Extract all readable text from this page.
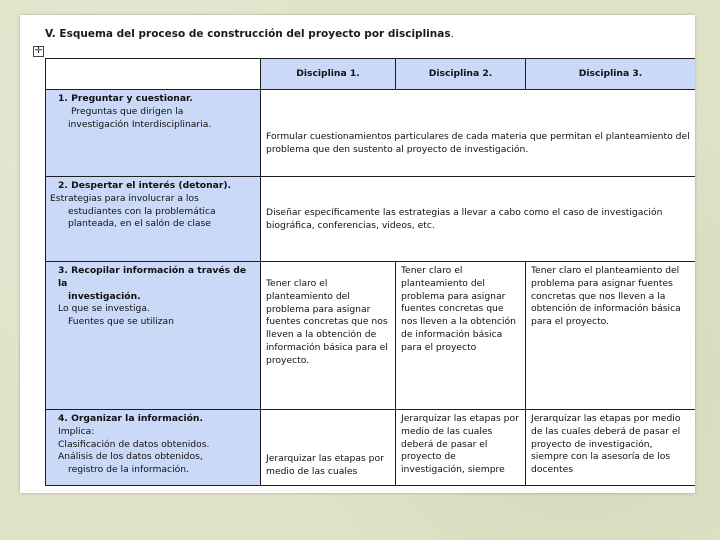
V. Esquema del proceso de construcción del proyecto por disciplinas.
✛
	Disciplina 1.	Disciplina 2.	Disciplina 3.

1. Preguntar y cuestionar.
Preguntas que dirigen la
investigación Interdisciplinaria.	Formular cuestionamientos particulares de cada materia que permitan el planteamiento del problema que den sustento al proyecto de investigación.		

2. Despertar el interés (detonar).
Estrategias para involucrar a los
estudiantes con la problemática
planteada, en el salón de clase	Diseñar específicamente las estrategias a llevar a cabo como el caso de investigación biográfica, conferencias, videos, etc.		

3. Recopilar información a través de la
investigación.
Lo que se investiga.
Fuentes que se utilizan	Tener claro el planteamiento del problema para asignar fuentes concretas que nos lleven a la obtención de información básica para el proyecto.	Tener claro el planteamiento del problema para asignar fuentes concretas que nos lleven a la obtención de información básica para el proyecto	Tener claro el planteamiento del problema para asignar fuentes concretas que nos lleven a la obtención de información básica para el proyecto.

4. Organizar la información.
Implica:
Clasificación de datos obtenidos.
Análisis de los datos obtenidos,
registro de la información.	Jerarquizar las etapas por medio de las cuales	Jerarquizar las etapas por medio de las cuales deberá de pasar el proyecto de investigación, siempre	Jerarquizar las etapas por medio de las cuales deberá de pasar el proyecto de investigación, siempre con la asesoría de los docentes
